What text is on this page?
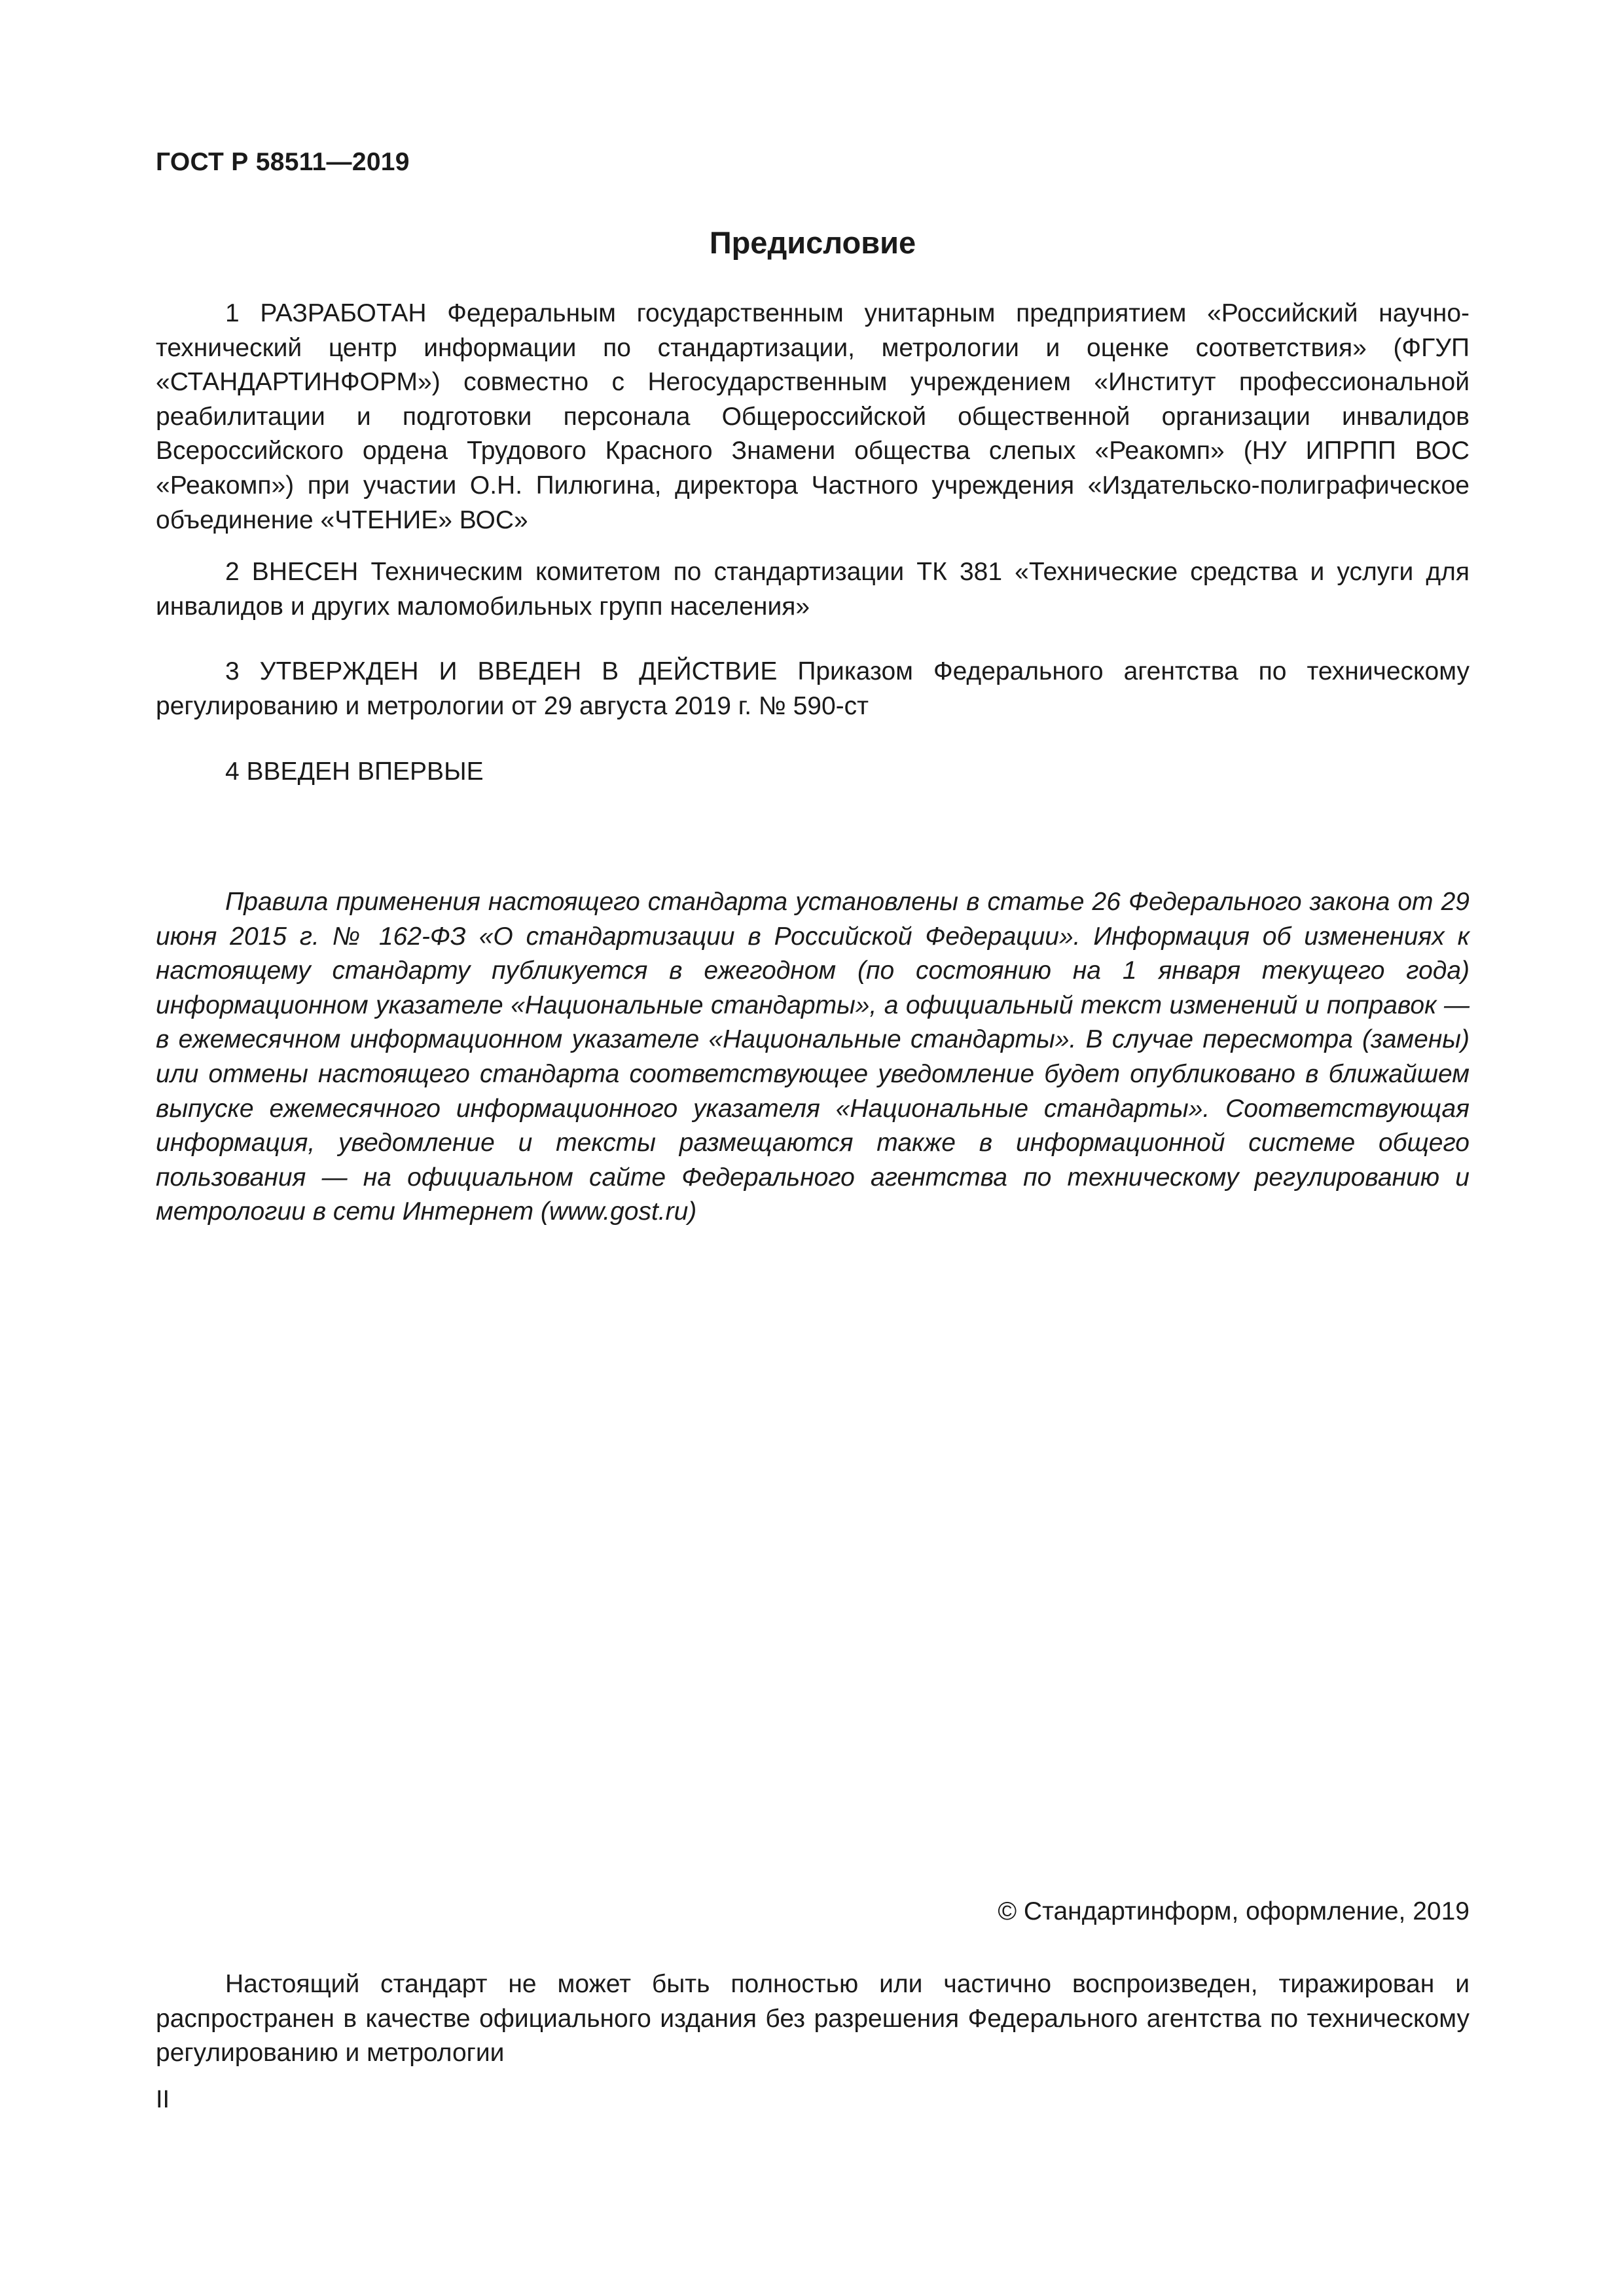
ГОСТ Р 58511—2019
Предисловие

1 РАЗРАБОТАН Федеральным государственным унитарным предприятием «Российский научно-технический центр информации по стандартизации, метрологии и оценке соответствия» (ФГУП «СТАНДАРТИНФОРМ») совместно с Негосударственным учреждением «Институт профессиональной реабилитации и подготовки персонала Общероссийской общественной организации инвалидов Всероссийского ордена Трудового Красного Знамени общества слепых «Реакомп» (НУ ИПРПП ВОС «Реакомп») при участии О.Н. Пилюгина, директора Частного учреждения «Издательско-полиграфическое объединение «ЧТЕНИЕ» ВОС»

2 ВНЕСЕН Техническим комитетом по стандартизации ТК 381 «Технические средства и услуги для инвалидов и других маломобильных групп населения»

3 УТВЕРЖДЕН И ВВЕДЕН В ДЕЙСТВИЕ Приказом Федерального агентства по техническому регулированию и метрологии от 29 августа 2019 г. № 590-ст

4 ВВЕДЕН ВПЕРВЫЕ

Правила применения настоящего стандарта установлены в статье 26 Федерального закона от 29 июня 2015 г. № 162-ФЗ «О стандартизации в Российской Федерации». Информация об изменениях к настоящему стандарту публикуется в ежегодном (по состоянию на 1 января текущего года) информационном указателе «Национальные стандарты», а официальный текст изменений и поправок — в ежемесячном информационном указателе «Национальные стандарты». В случае пересмотра (замены) или отмены настоящего стандарта соответствующее уведомление будет опубликовано в ближайшем выпуске ежемесячного информационного указателя «Национальные стандарты». Соответствующая информация, уведомление и тексты размещаются также в информационной системе общего пользования — на официальном сайте Федерального агентства по техническому регулированию и метрологии в сети Интернет (www.gost.ru)

© Стандартинформ, оформление, 2019

Настоящий стандарт не может быть полностью или частично воспроизведен, тиражирован и распространен в качестве официального издания без разрешения Федерального агентства по техническому регулированию и метрологии

II
